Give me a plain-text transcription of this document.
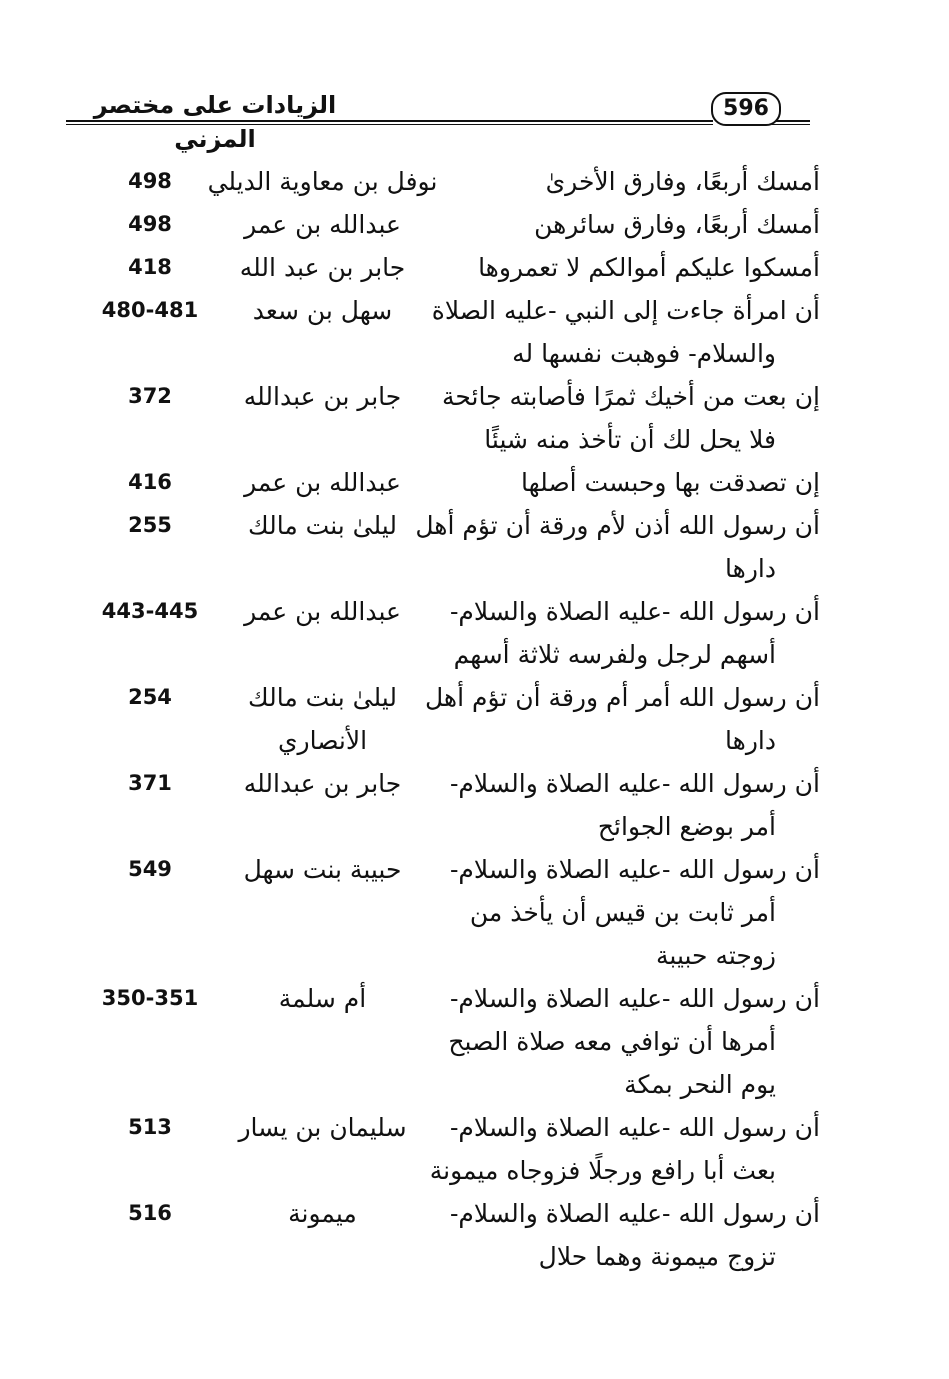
الزيادات على مختصر المزني
596
أمسك أربعًا، وفارق الأخرىٰ
نوفل بن معاوية الديلي
498
أمسك أربعًا، وفارق سائرهن
عبدالله بن عمر
498
أمسكوا عليكم أموالكم لا تعمروها
جابر بن عبد الله
418
أن امرأة جاءت إلى النبي -عليه الصلاة
والسلام- فوهبت نفسها له
سهل بن سعد
480-481
إن بعت من أخيك ثمرًا فأصابته جائحة
فلا يحل لك أن تأخذ منه شيئًا
جابر بن عبدالله
372
إن تصدقت بها وحبست أصلها
عبدالله بن عمر
416
أن رسول الله أذن لأم ورقة أن تؤم أهل
دارها
ليلىٰ بنت مالك
255
أن رسول الله -عليه الصلاة والسلام-
أسهم لرجل ولفرسه ثلاثة أسهم
عبدالله بن عمر
443-445
أن رسول الله أمر أم ورقة أن تؤم أهل
دارها
ليلىٰ بنت مالك
الأنصاري
254
أن رسول الله -عليه الصلاة والسلام-
أمر بوضع الجوائح
جابر بن عبدالله
371
أن رسول الله -عليه الصلاة والسلام-
أمر ثابت بن قيس أن يأخذ من
زوجته حبيبة
حبيبة بنت سهل
549
أن رسول الله -عليه الصلاة والسلام-
أمرها أن توافي معه صلاة الصبح
يوم النحر بمكة
أم سلمة
350-351
أن رسول الله -عليه الصلاة والسلام-
بعث أبا رافع ورجلًا فزوجاه ميمونة
سليمان بن يسار
513
أن رسول الله -عليه الصلاة والسلام-
تزوج ميمونة وهما حلال
ميمونة
516
